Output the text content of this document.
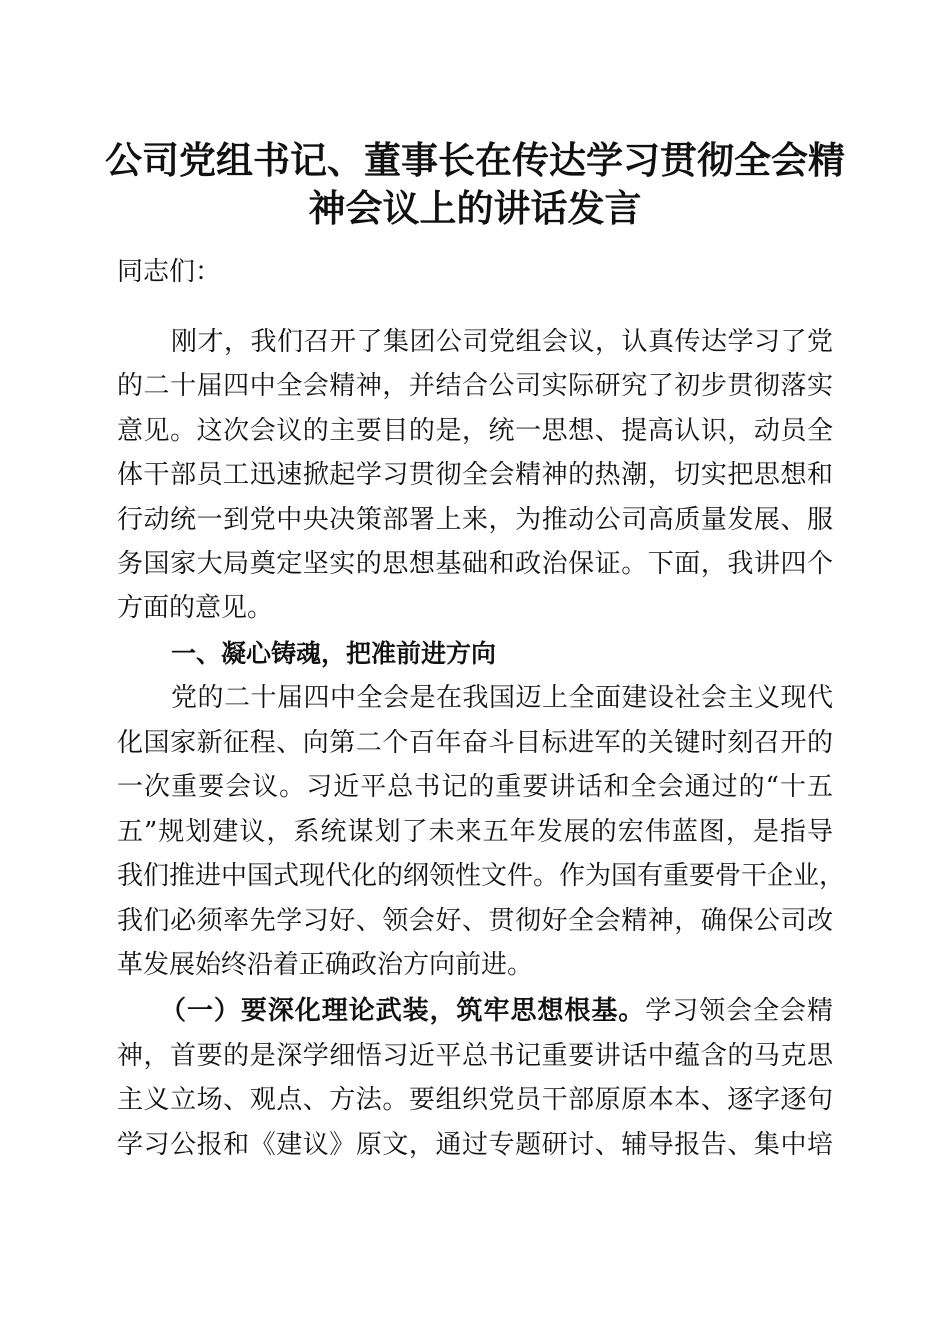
公司党组书记、董事长在传达学习贯彻全会精
神会议上的讲话发言
同志们：
刚才，我们召开了集团公司党组会议，认真传达学习了党
的二十届四中全会精神，并结合公司实际研究了初步贯彻落实
意见。这次会议的主要目的是，统一思想、提高认识，动员全
体干部员工迅速掀起学习贯彻全会精神的热潮，切实把思想和
行动统一到党中央决策部署上来，为推动公司高质量发展、服
务国家大局奠定坚实的思想基础和政治保证。下面，我讲四个
方面的意见。
一、凝心铸魂，把准前进方向
党的二十届四中全会是在我国迈上全面建设社会主义现代
化国家新征程、向第二个百年奋斗目标进军的关键时刻召开的
一次重要会议。习近平总书记的重要讲话和全会通过的“十五
五”规划建议，系统谋划了未来五年发展的宏伟蓝图，是指导
我们推进中国式现代化的纲领性文件。作为国有重要骨干企业，
我们必须率先学习好、领会好、贯彻好全会精神，确保公司改
革发展始终沿着正确政治方向前进。
（一）要深化理论武装，筑牢思想根基。学习领会全会精
神，首要的是深学细悟习近平总书记重要讲话中蕴含的马克思
主义立场、观点、方法。要组织党员干部原原本本、逐字逐句
学习公报和《建议》原文，通过专题研讨、辅导报告、集中培
